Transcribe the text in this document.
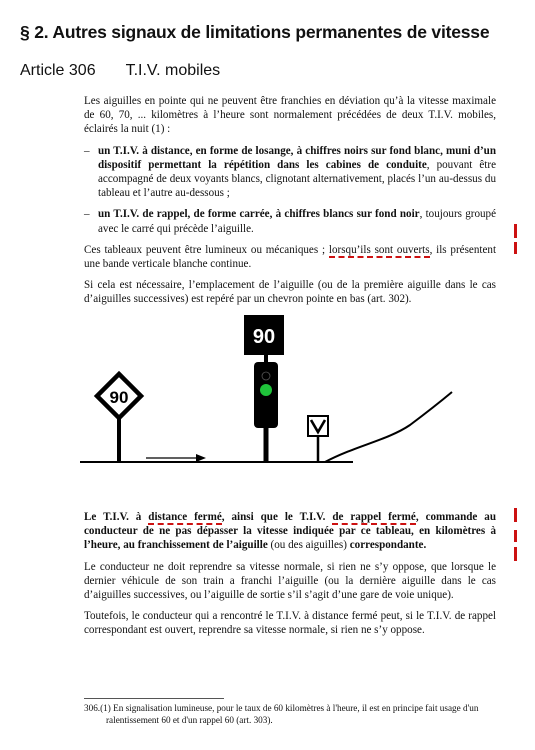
§ 2. Autres signaux de limitations permanentes de vitesse
Article 306 T.I.V. mobiles

Les aiguilles en pointe qui ne peuvent être franchies en déviation qu’à la vitesse maximale de 60, 70, ... kilomètres à l’heure sont normalement précédées de deux T.I.V. mobiles, éclairés la nuit (1) :

– un T.I.V. à distance, en forme de losange, à chiffres noirs sur fond blanc, muni d’un dispositif permettant la répétition dans les cabines de conduite, pouvant être accompagné de deux voyants blancs, clignotant alternativement, placés l’un au-dessus du tableau et l’autre au-dessous ;
– un T.I.V. de rappel, de forme carrée, à chiffres blancs sur fond noir, toujours groupé avec le carré qui précède l’aiguille.

Ces tableaux peuvent être lumineux ou mécaniques ; lorsqu’ils sont ouverts, ils présentent une bande verticale blanche continue.

Si cela est nécessaire, l’emplacement de l’aiguille (ou de la première aiguille dans le cas d’aiguilles successives) est repéré par un chevron pointe en bas (art. 302).

90
90

Le T.I.V. à distance fermé, ainsi que le T.I.V. de rappel fermé, commande au conducteur de ne pas dépasser la vitesse indiquée par ce tableau, en kilomètres à l’heure, au franchissement de l’aiguille (ou des aiguilles) correspondante.

Le conducteur ne doit reprendre sa vitesse normale, si rien ne s’y oppose, que lorsque le dernier véhicule de son train a franchi l’aiguille (ou la dernière aiguille dans le cas d’aiguilles successives, ou l’aiguille de sortie s’il s’agit d’une gare de voie unique).

Toutefois, le conducteur qui a rencontré le T.I.V. à distance fermé peut, si le T.I.V. de rappel correspondant est ouvert, reprendre sa vitesse normale, si rien ne s’y oppose.

306.(1) En signalisation lumineuse, pour le taux de 60 kilomètres à l'heure, il est en principe fait usage d'un
ralentissement 60 et d'un rappel 60 (art. 303).
